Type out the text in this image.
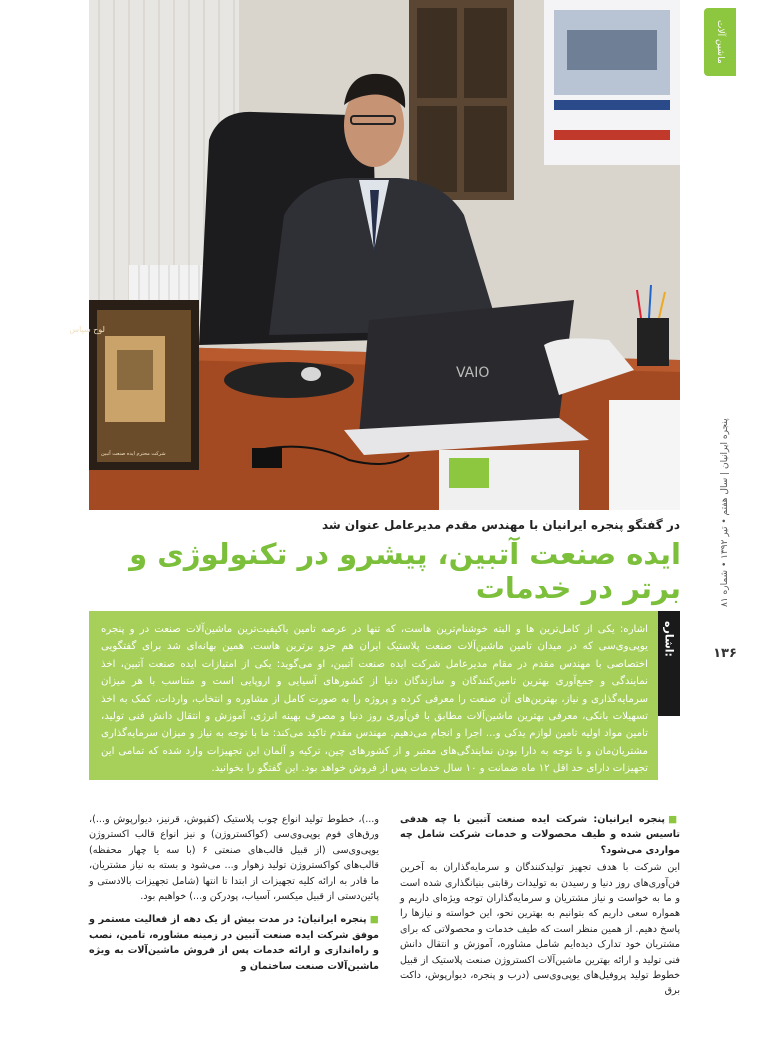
VAIO
لوح سپاس
شرکت محترم ایده صنعت آتبین
ماشین آلات
پنجره ایرانیان | سال هفتم • تیر ۱۳۹۲ • شماره ۸۱
۱۳۶
در گفتگو پنجره ایرانیان با مهندس مقدم مدیرعامل عنوان شد
ایده صنعت آتبین، پیشرو در تکنولوژی و برتر در خدمات
اشاره: یکی از کامل‌ترین ها و البته خوشنام‌ترین هاست، که تنها در عرصه تامین باکیفیت‌ترین ماشین‌آلات صنعت در و پنجره یوپی‌وی‌سی که در میدان تامین ماشین‌آلات صنعت پلاستیک ایران هم جزو برترین هاست. همین بهانه‌ای شد برای گفتگویی اختصاصی با مهندس مقدم در مقام مدیرعامل شرکت ایده صنعت آتبین، او می‌گوید: یکی از امتیازات ایده صنعت آتبین، اخذ نمایندگی و جمع‌آوری بهترین تامین‌کنندگان و سازندگان دنیا از کشورهای آسیایی و اروپایی است و متناسب با هر میزان سرمایه‌گذاری و نیاز، بهترین‌های آن صنعت را معرفی کرده و پروژه را به صورت کامل از مشاوره و انتخاب، واردات، کمک به اخذ تسهیلات بانکی، معرفی بهترین ماشین‌آلات مطابق با فن‌آوری روز دنیا و مصرف بهینه انرژی، آموزش و انتقال دانش فنی تولید، تامین مواد اولیه تامین لوازم یدکی و... اجرا و انجام می‌دهیم. مهندس مقدم تاکید می‌کند: ما با توجه به نیاز و میزان سرمایه‌گذاری مشتریان‌مان و با توجه به دارا بودن نمایندگی‌های معتبر و از کشورهای چین، ترکیه و آلمان این تجهیزات وارد شده که تمامی این تجهیزات دارای حد اقل ۱۲ ماه ضمانت و ۱۰ سال خدمات پس از فروش خواهد بود. این گفتگو را بخوانید.
اشاره:

■پنجره ایرانیان: شرکت ایده صنعت آتبین با چه هدفی تاسیس شده و طیف محصولات و خدمات شرکت شامل چه مواردی می‌شود؟

این شرکت با هدف تجهیز تولیدکنندگان و سرمایه‌گذاران به آخرین فن‌آوری‌های روز دنیا و رسیدن به تولیدات رقابتی بنیانگذاری شده است و ما به خواست و نیاز مشتریان و سرمایه‌گذاران توجه ویژه‌ای داریم و همواره سعی داریم که بتوانیم به بهترین نحو، این خواسته و نیازها را پاسخ دهیم. از همین منظر است که طیف خدمات و محصولاتی که برای مشتریان خود تدارک دیده‌ایم شامل مشاوره، آموزش و انتقال دانش فنی تولید و ارائه بهترین ماشین‌آلات اکستروژن صنعت پلاستیک از قبیل خطوط تولید پروفیل‌های یوپی‌وی‌سی (درب و پنجره، دیوارپوش، داکت برق

و...)، خطوط تولید انواع چوب پلاستیک (کفپوش، قرنیز، دیوارپوش و...)، ورق‌های فوم یوپی‌وی‌سی (کواکستروژن) و نیز انواع قالب اکستروژن یوپی‌وی‌سی (از قبیل قالب‌های صنعتی ۶ (با سه یا چهار محفظه) قالب‌های کواکستروژن تولید زهوار و... می‌شود و بسته به نیاز مشتریان، ما قادر به ارائه کلیه تجهیزات از ابتدا تا انتها (شامل تجهیزات بالادستی و پائین‌دستی از قبیل میکسر، آسیاب، پودرکن و...) خواهیم بود.

■پنجره ایرانیان: در مدت بیش از یک دهه از فعالیت مستمر و موفق شرکت ایده صنعت آتبین در زمینه مشاوره، تامین، نصب و راه‌اندازی و ارائه خدمات پس از فروش ماشین‌آلات به ویژه ماشین‌آلات صنعت ساختمان و
